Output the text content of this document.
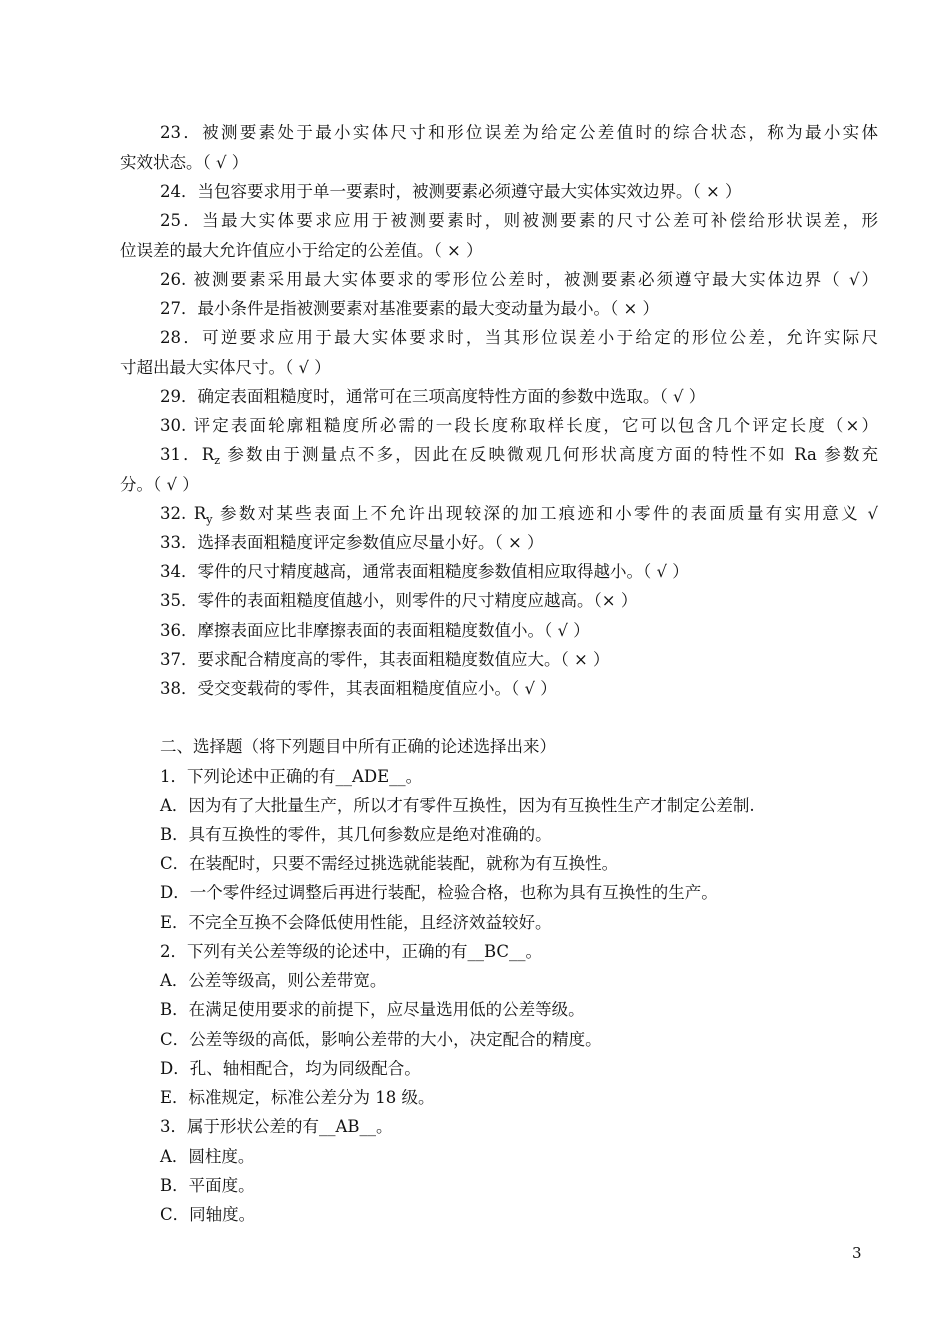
23．被测要素处于最小实体尺寸和形位误差为给定公差值时的综合状态，称为最小实体
实效状态。（ √ ）
24．当包容要求用于单一要素时，被测要素必须遵守最大实体实效边界。（ × ）
25．当最大实体要求应用于被测要素时，则被测要素的尺寸公差可补偿给形状误差，形
位误差的最大允许值应小于给定的公差值。（ × ）
26. 被测要素采用最大实体要求的零形位公差时，被测要素必须遵守最大实体边界（ √）
27．最小条件是指被测要素对基准要素的最大变动量为最小。（ × ）
28．可逆要求应用于最大实体要求时，当其形位误差小于给定的形位公差，允许实际尺
寸超出最大实体尺寸。（ √ ）
29．确定表面粗糙度时，通常可在三项高度特性方面的参数中选取。（ √ ）
30. 评定表面轮廓粗糙度所必需的一段长度称取样长度，它可以包含几个评定长度（×）
31．$R_z$ 参数由于测量点不多，因此在反映微观几何形状高度方面的特性不如 Ra 参数充
分。（ √ ）
32. $R_y$ 参数对某些表面上不允许出现较深的加工痕迹和小零件的表面质量有实用意义 √
33．选择表面粗糙度评定参数值应尽量小好。（ × ）
34．零件的尺寸精度越高，通常表面粗糙度参数值相应取得越小。（ √ ）
35．零件的表面粗糙度值越小，则零件的尺寸精度应越高。（× ）
36．摩擦表面应比非摩擦表面的表面粗糙度数值小。（ √ ）
37．要求配合精度高的零件，其表面粗糙度数值应大。（ × ）
38．受交变载荷的零件，其表面粗糙度值应小。（ √ ）
二、选择题（将下列题目中所有正确的论述选择出来）
1．下列论述中正确的有__ADE__。
A．因为有了大批量生产，所以才有零件互换性，因为有互换性生产才制定公差制.
B．具有互换性的零件，其几何参数应是绝对准确的。
C．在装配时，只要不需经过挑选就能装配，就称为有互换性。
D．一个零件经过调整后再进行装配，检验合格，也称为具有互换性的生产。
E．不完全互换不会降低使用性能，且经济效益较好。
2．下列有关公差等级的论述中，正确的有__BC__。
A．公差等级高，则公差带宽。
B．在满足使用要求的前提下，应尽量选用低的公差等级。
C．公差等级的高低，影响公差带的大小，决定配合的精度。
D．孔、轴相配合，均为同级配合。
E．标准规定，标准公差分为 18 级。
3．属于形状公差的有__AB__。
A．圆柱度。
B．平面度。
C．同轴度。
3
